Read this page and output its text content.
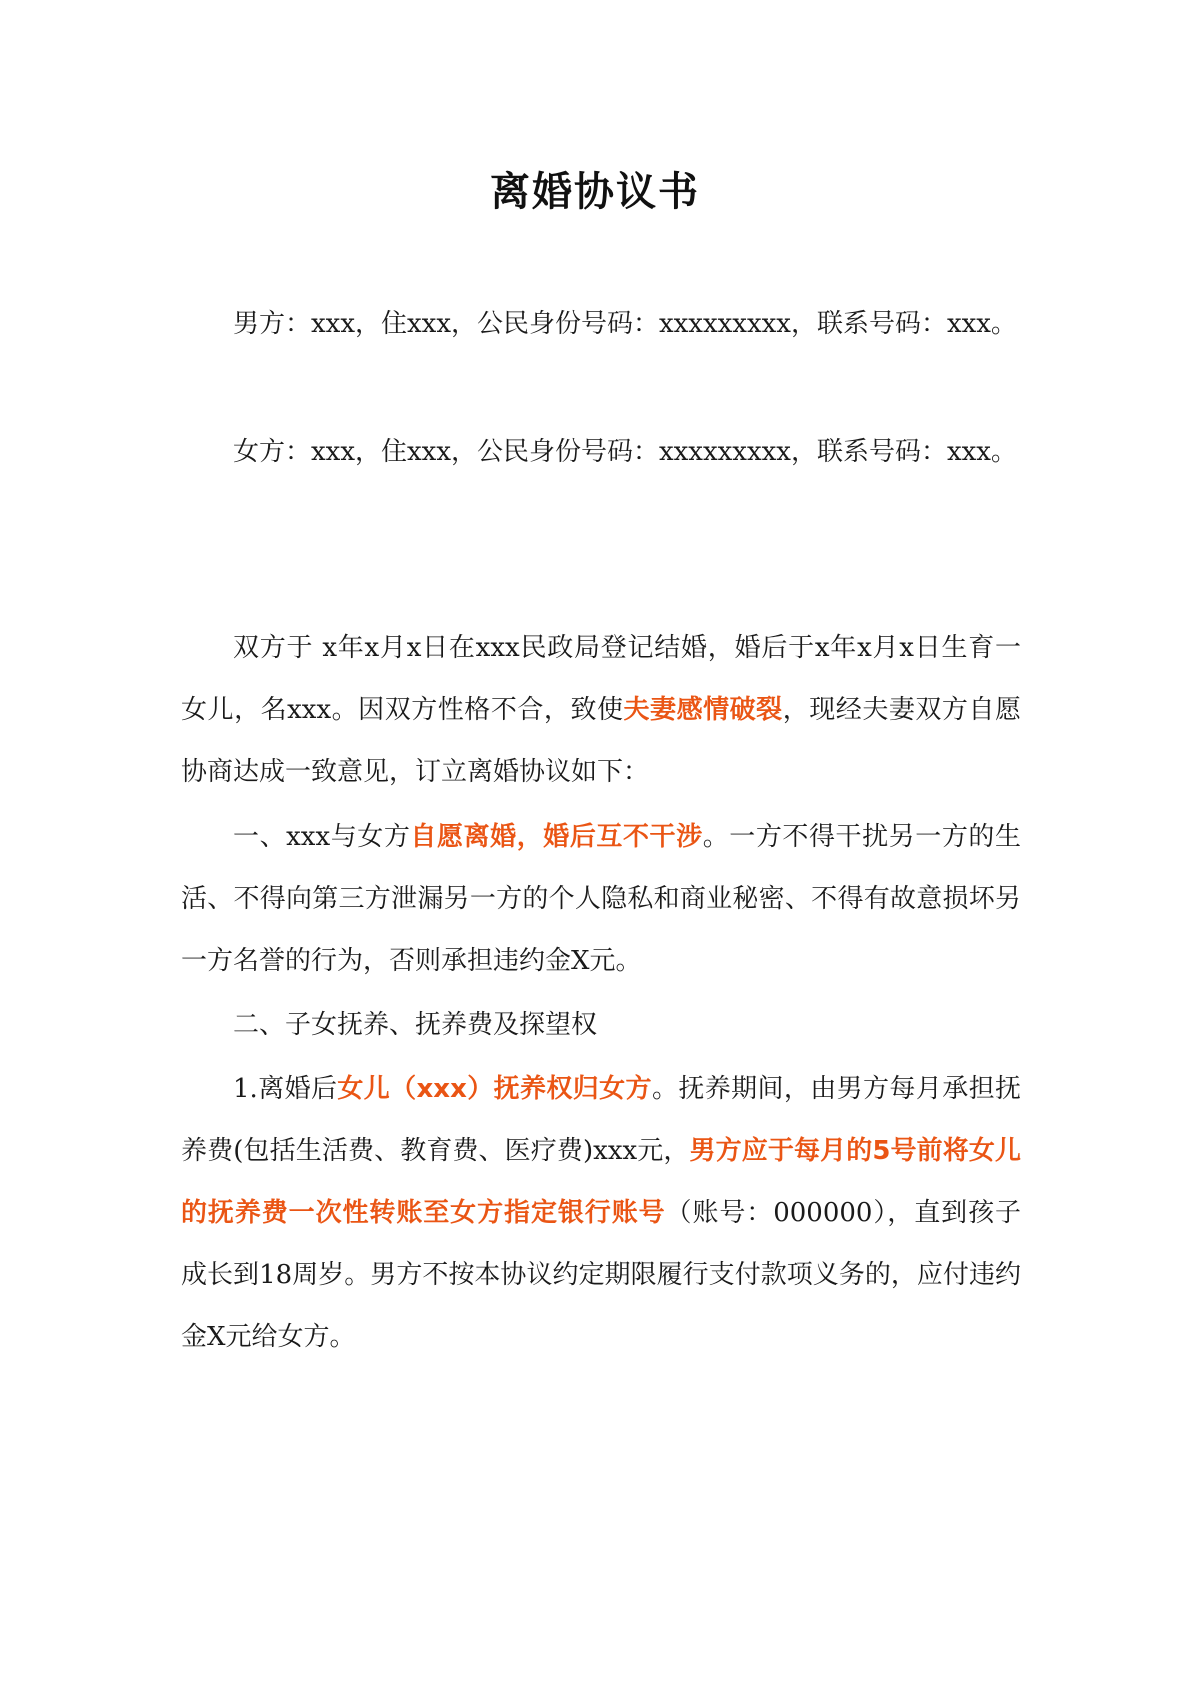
离婚协议书

男方：xxx，住xxx，公民身份号码：xxxxxxxxx，联系号码：xxx。

女方：xxx，住xxx，公民身份号码：xxxxxxxxx，联系号码：xxx。

双方于 x年x月x日在xxx民政局登记结婚，婚后于x年x月x日生育一女儿，名xxx。因双方性格不合，致使夫妻感情破裂，现经夫妻双方自愿协商达成一致意见，订立离婚协议如下：

一、xxx与女方自愿离婚，婚后互不干涉。一方不得干扰另一方的生活、不得向第三方泄漏另一方的个人隐私和商业秘密、不得有故意损坏另一方名誉的行为，否则承担违约金X元。

二、子女抚养、抚养费及探望权

1.离婚后女儿（xxx）抚养权归女方。抚养期间，由男方每月承担抚养费(包括生活费、教育费、医疗费)xxx元，男方应于每月的5号前将女儿的抚养费一次性转账至女方指定银行账号（账号：000000），直到孩子成长到18周岁。男方不按本协议约定期限履行支付款项义务的，应付违约金X元给女方。
